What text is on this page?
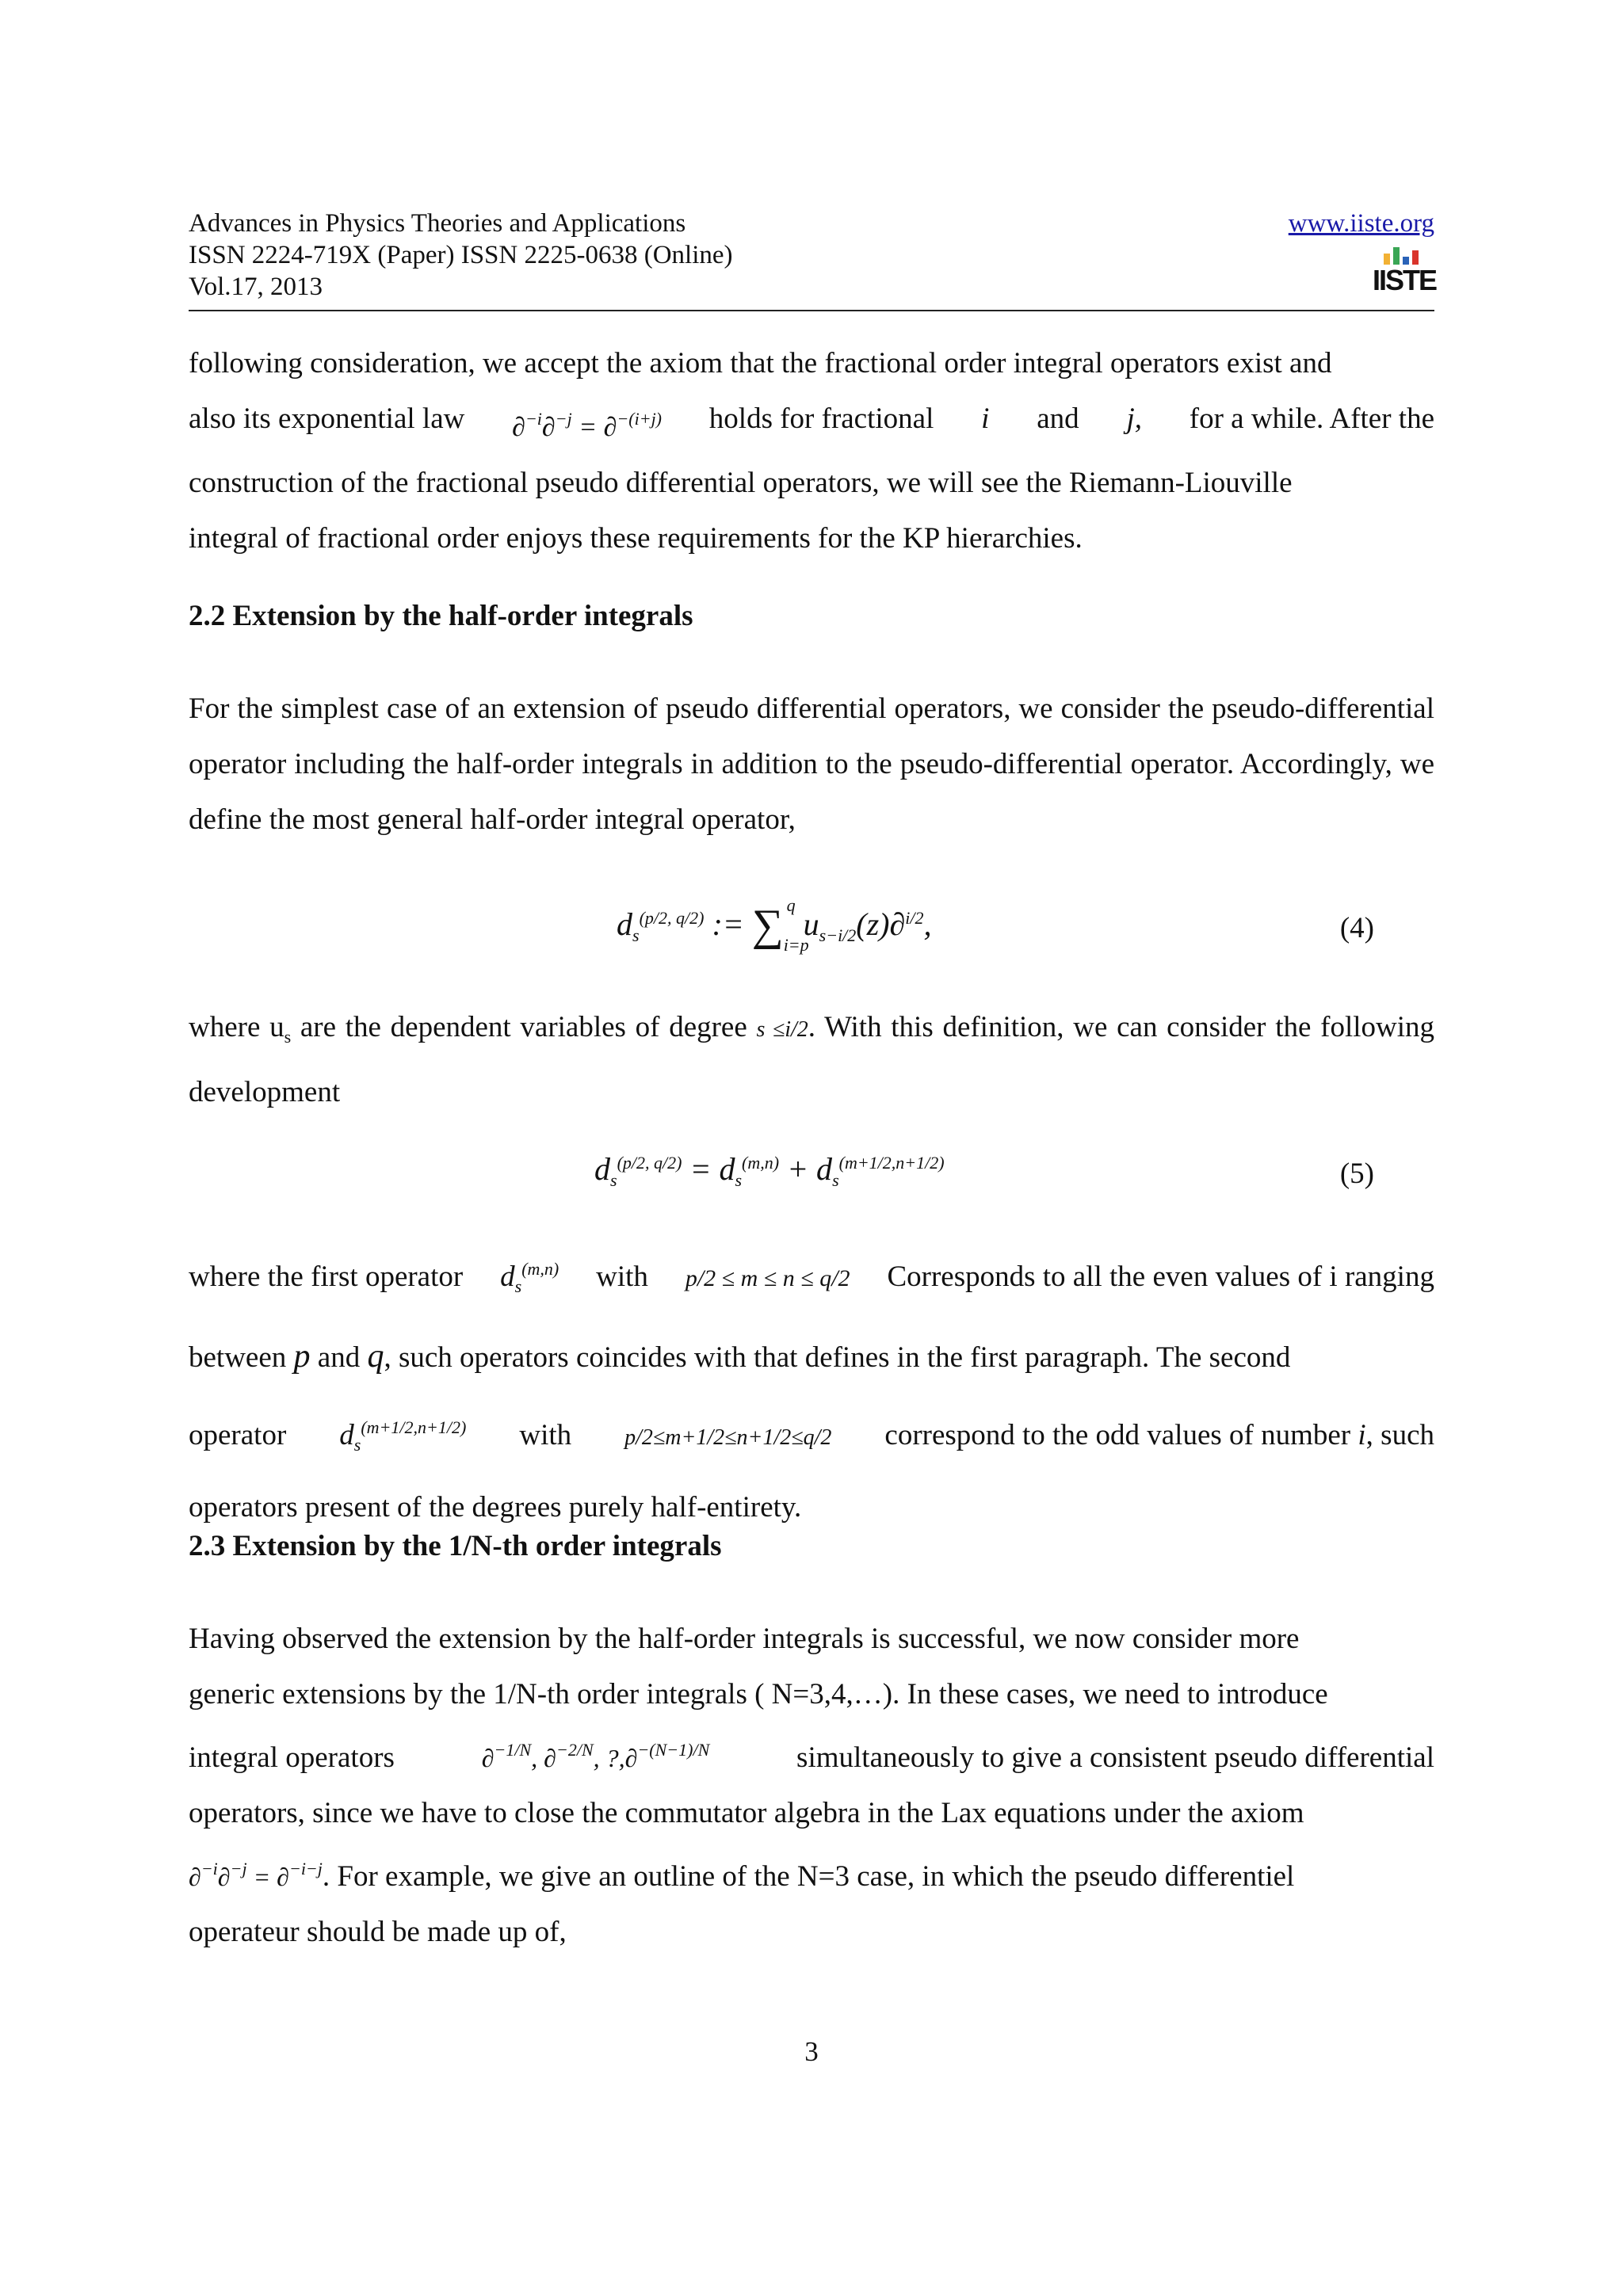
Advances in Physics Theories and Applications
ISSN 2224-719X (Paper) ISSN 2225-0638 (Online)
Vol.17, 2013
www.iiste.org
IISTE
following consideration, we accept the axiom that the fractional order integral operators exist and
also its exponential law ∂$^{-i}$∂$^{-j}$ = ∂$^{-(i+j)}$ holds for fractional i and j, for a while. After the
construction of the fractional pseudo differential operators, we will see the Riemann-Liouville
integral of fractional order enjoys these requirements for the KP hierarchies.
2.2 Extension by the half-order integrals
For the simplest case of an extension of pseudo differential operators, we consider the pseudo-differential operator including the half-order integrals in addition to the pseudo-differential operator. Accordingly, we define the most general half-order integral operator,
$d_s^{(p/2, q/2)}$ := $\sum_{i=p}^q$ $u_{s-i/2}(z)\partial^{i/2}$,	(4)
where $u_s$ are the dependent variables of degree s ≤i/2. With this definition, we can consider the following development
$d_s^{(p/2, q/2)} = d_s^{(m,n)} + d_s^{(m+1/2,n+1/2)}$	(5)
where the first operator $d_s^{(m,n)}$ with p/2 ≤ m ≤ n ≤ q/2 Corresponds to all the even values of i ranging
between p and q, such operators coincides with that defines in the first paragraph. The second
operator $d_s^{(m+1/2,n+1/2)}$ with p/2≤m+1/2≤n+1/2≤q/2 correspond to the odd values of number i, such
operators present of the degrees purely half-entirety.
2.3 Extension by the 1/N-th order integrals
Having observed the extension by the half-order integrals is successful, we now consider more
generic extensions by the 1/N-th order integrals ( N=3,4,…). In these cases, we need to introduce
integral operators	∂$^{-1/N}$, ∂$^{-2/N}$, ?,∂$^{-(N-1)/N}$	simultaneously to give a consistent pseudo differential
operators, since we have to close the commutator algebra in the Lax equations under the axiom
∂$^{-i}$∂$^{-j}$ = ∂$^{-i-j}$. For example, we give an outline of the N=3 case, in which the pseudo differentiel
operateur should be made up of,
3
